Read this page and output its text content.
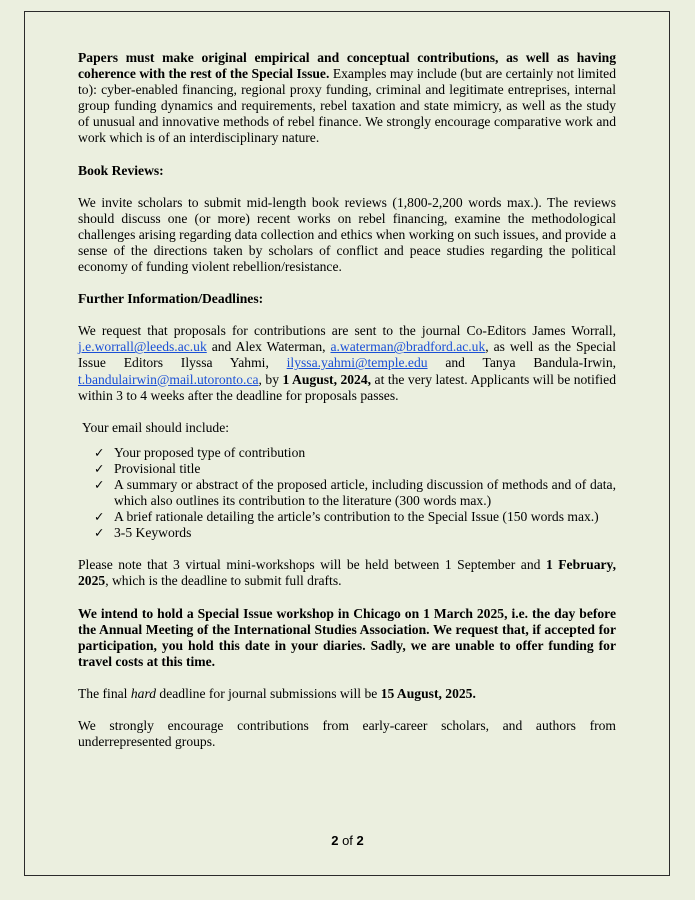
Papers must make original empirical and conceptual contributions, as well as having coherence with the rest of the Special Issue. Examples may include (but are certainly not limited to): cyber-enabled financing, regional proxy funding, criminal and legitimate entreprises, internal group funding dynamics and requirements, rebel taxation and state mimicry, as well as the study of unusual and innovative methods of rebel finance. We strongly encourage comparative work and work which is of an interdisciplinary nature.

Book Reviews:

We invite scholars to submit mid-length book reviews (1,800-2,200 words max.). The reviews should discuss one (or more) recent works on rebel financing, examine the methodological challenges arising regarding data collection and ethics when working on such issues, and provide a sense of the directions taken by scholars of conflict and peace studies regarding the political economy of funding violent rebellion/resistance.

Further Information/Deadlines:

We request that proposals for contributions are sent to the journal Co-Editors James Worrall,
j.e.worrall@leeds.ac.uk and Alex Waterman, a.waterman@bradford.ac.uk, as well as the Special Issue Editors Ilyssa Yahmi, ilyssa.yahmi@temple.edu and Tanya Bandula-Irwin, t.bandulairwin@mail.utoronto.ca, by 1 August, 2024, at the very latest. Applicants will be notified within 3 to 4 weeks after the deadline for proposals passes.

Your email should include:

✓ Your proposed type of contribution
✓ Provisional title
✓ A summary or abstract of the proposed article, including discussion of methods and of data, which also outlines its contribution to the literature (300 words max.)
✓ A brief rationale detailing the article’s contribution to the Special Issue (150 words max.)
✓ 3-5 Keywords

Please note that 3 virtual mini-workshops will be held between 1 September and 1 February, 2025, which is the deadline to submit full drafts.

We intend to hold a Special Issue workshop in Chicago on 1 March 2025, i.e. the day before the Annual Meeting of the International Studies Association. We request that, if accepted for participation, you hold this date in your diaries. Sadly, we are unable to offer funding for travel costs at this time.

The final hard deadline for journal submissions will be 15 August, 2025.

We strongly encourage contributions from early-career scholars, and authors from underrepresented groups.

2 of 2
